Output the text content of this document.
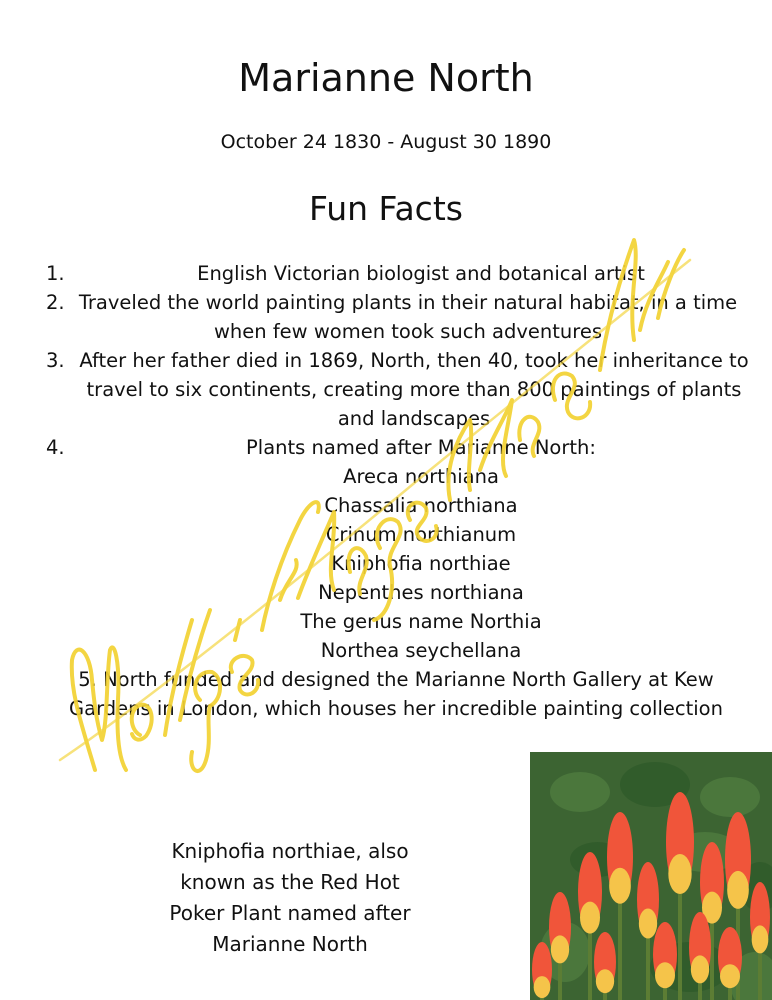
Marianne North
October 24 1830 - August 30 1890
Fun Facts
1.	English Victorian biologist and botanical artist
2. Traveled the world painting plants in their natural habitat, in a time when few women took such adventures
3. After her father died in 1869, North, then 40, took her inheritance to travel to six continents, creating more than 800 paintings of plants and landscapes
4.	Plants named after Marianne North:
Areca northiana
Chassalia northiana
Crinum northianum
Kniphofia northiae
Nepenthes northiana
The genus name Northia
Northea seychellana
5. North funded and designed the Marianne North Gallery at Kew Gardens in London, which houses her incredible painting collection
Kniphofia northiae, also known as the Red Hot Poker Plant named after Marianne North
